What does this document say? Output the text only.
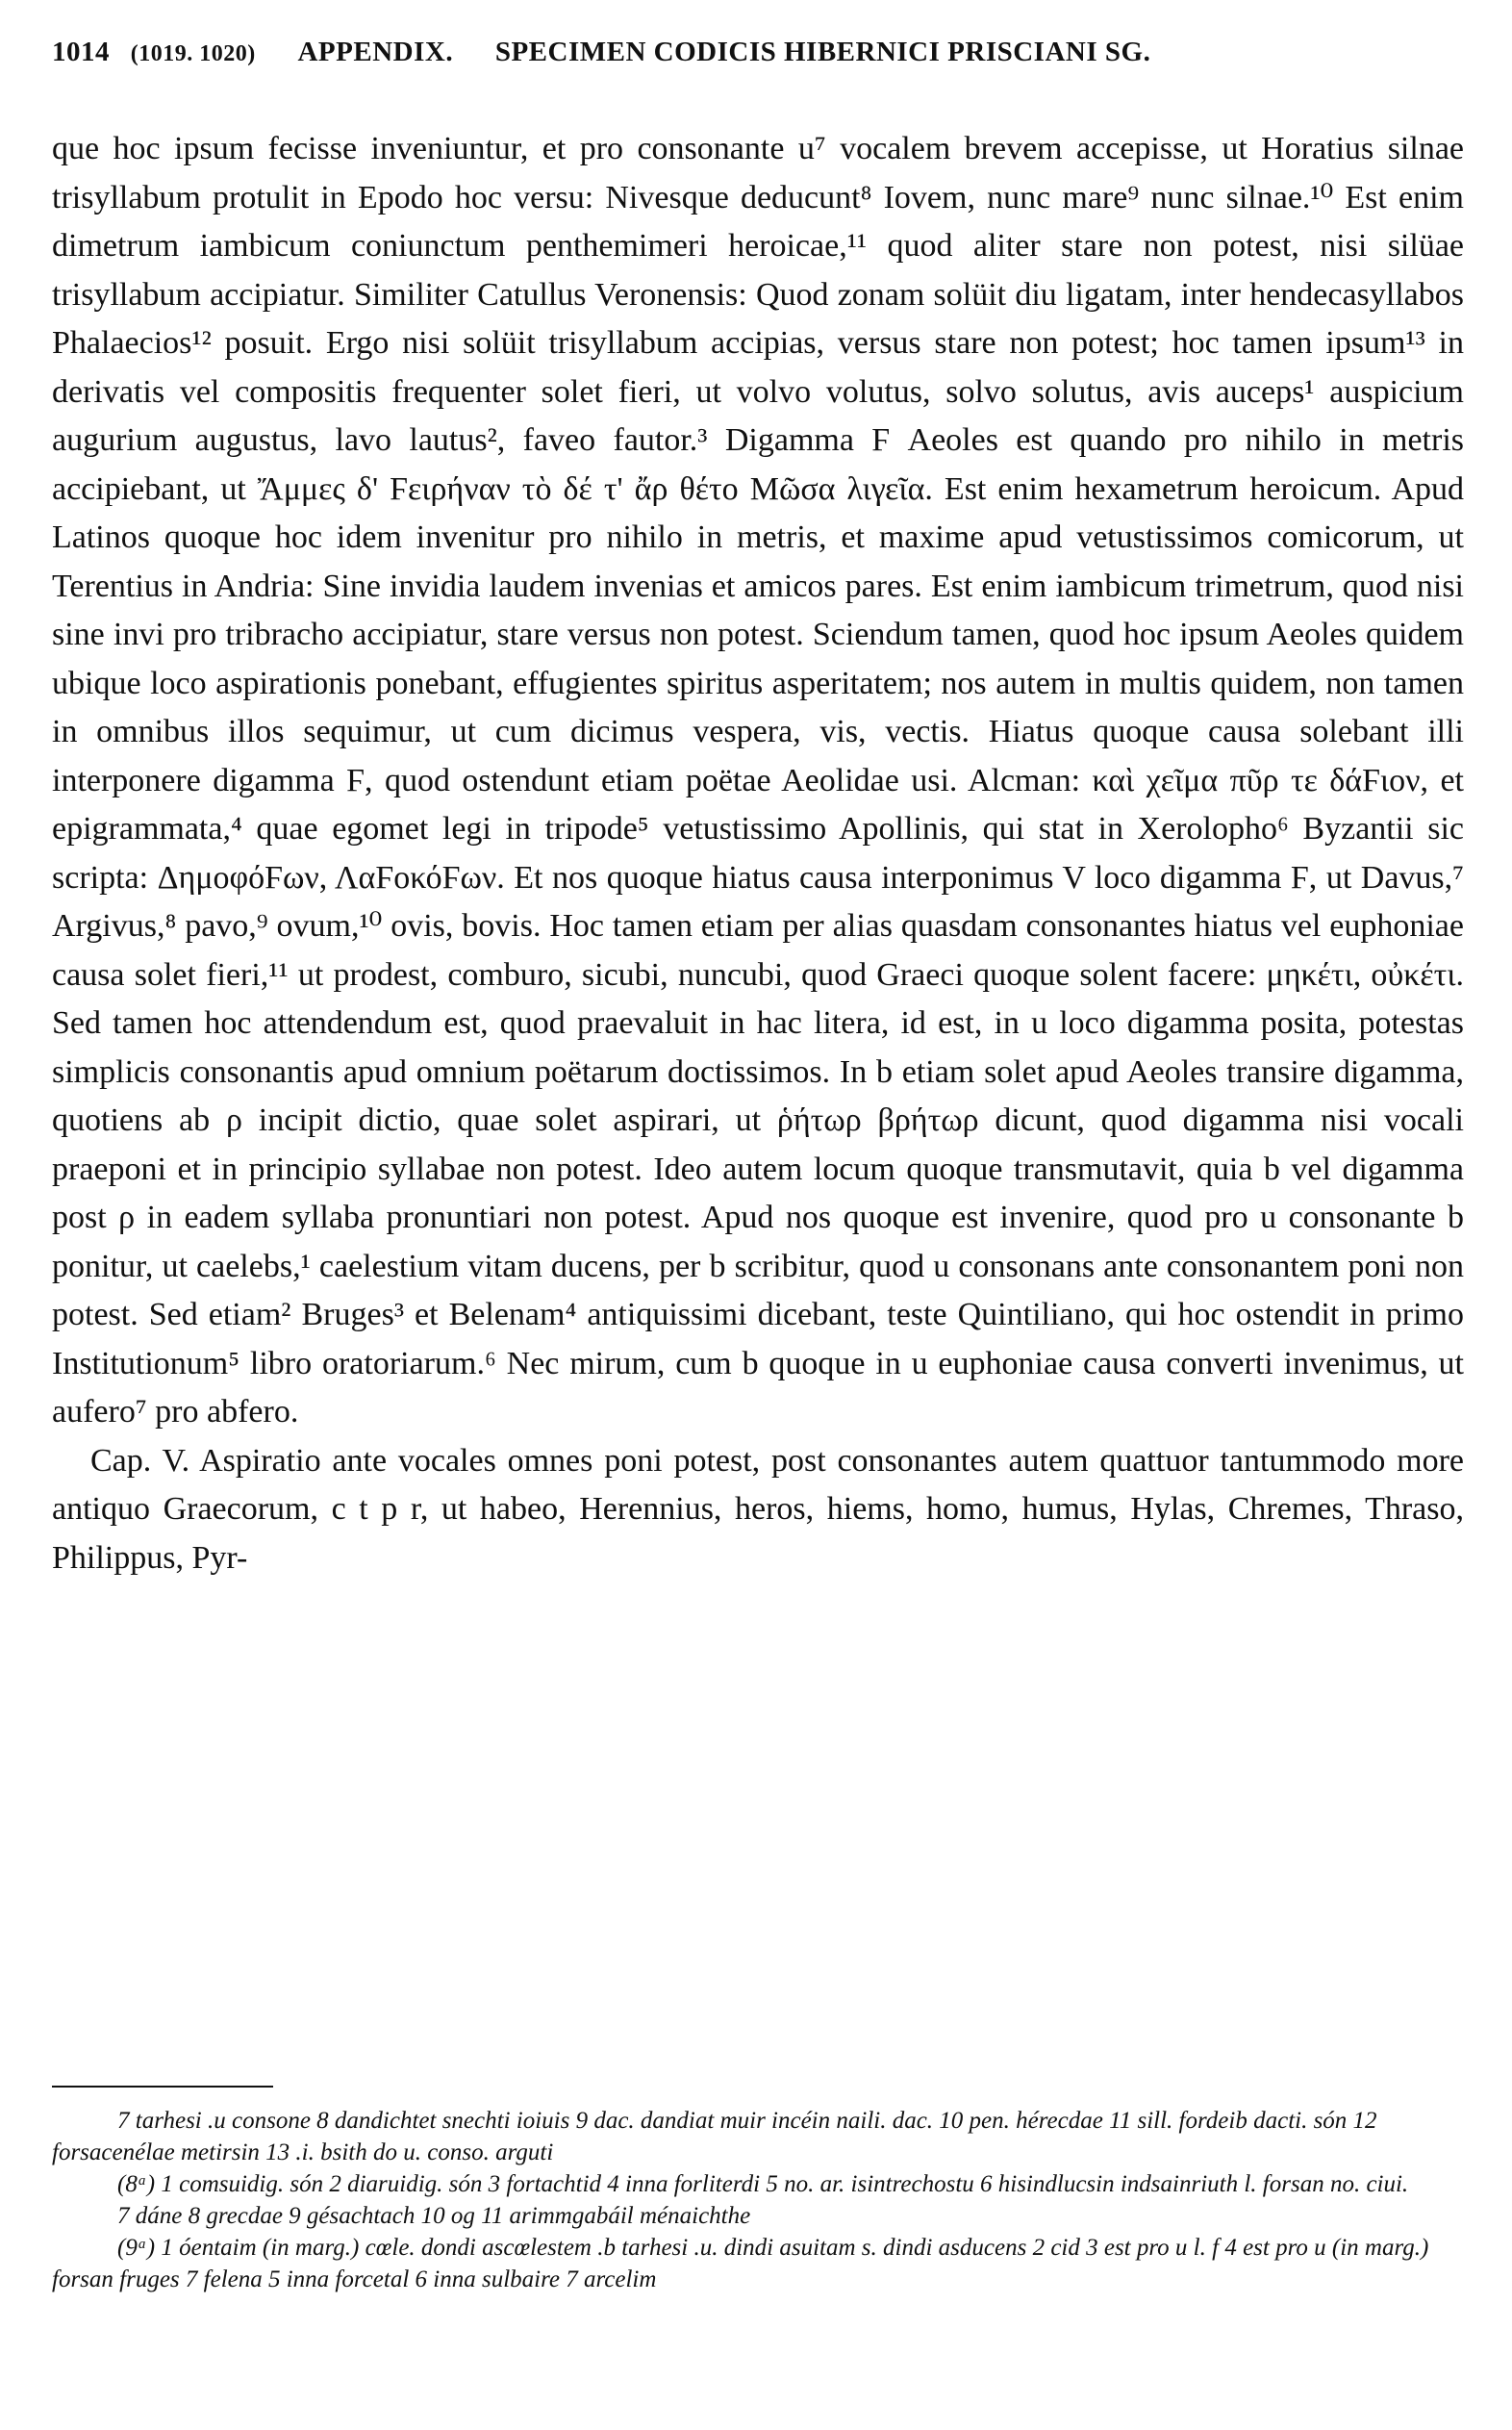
1014 (1019. 1020) APPENDIX. SPECIMEN CODICIS HIBERNICI PRISCIANI SG.

que hoc ipsum fecisse inveniuntur, et pro consonante u⁷ vocalem brevem accepisse, ut Horatius silnae trisyllabum protulit in Epodo hoc versu: Nivesque deducunt⁸ Iovem, nunc mare⁹ nunc silnae.¹⁰ Est enim dimetrum iambicum coniunctum penthemimeri heroicae,¹¹ quod aliter stare non potest, nisi silüae trisyllabum accipiatur. Similiter Catullus Veronensis: Quod zonam solüit diu ligatam, inter hendecasyllabos Phalaecios¹² posuit. Ergo nisi solüit trisyllabum accipias, versus stare non potest; hoc tamen ipsum¹³ in derivatis vel compositis frequenter solet fieri, ut volvo volutus, solvo solutus, avis auceps¹ auspicium augurium augustus, lavo lautus², faveo fautor.³ Digamma Ϝ Aeoles est quando pro nihilo in metris accipiebant, ut Ἄμμες δ' Ϝειρήναν τὸ δέ τ' ἄρ θέτο Μῶσα λιγεῖα. Est enim hexametrum heroicum. Apud Latinos quoque hoc idem invenitur pro nihilo in metris, et maxime apud vetustissimos comicorum, ut Terentius in Andria: Sine invidia laudem invenias et amicos pares. Est enim iambicum trimetrum, quod nisi sine invi pro tribracho accipiatur, stare versus non potest. Sciendum tamen, quod hoc ipsum Aeoles quidem ubique loco aspirationis ponebant, effugientes spiritus asperitatem; nos autem in multis quidem, non tamen in omnibus illos sequimur, ut cum dicimus vespera, vis, vectis. Hiatus quoque causa solebant illi interponere digamma Ϝ, quod ostendunt etiam poëtae Aeolidae usi. Alcman: καὶ χεῖμα πῦρ τε δάϜιον, et epigrammata,⁴ quae egomet legi in tripode⁵ vetustissimo Apollinis, qui stat in Xerolopho⁶ Byzantii sic scripta: ΔημοφόϜων, ΛαϜοκόϜων. Et nos quoque hiatus causa interponimus V loco digamma Ϝ, ut Davus,⁷ Argivus,⁸ pavo,⁹ ovum,¹⁰ ovis, bovis. Hoc tamen etiam per alias quasdam consonantes hiatus vel euphoniae causa solet fieri,¹¹ ut prodest, comburo, sicubi, nuncubi, quod Graeci quoque solent facere: μηκέτι, οὐκέτι. Sed tamen hoc attendendum est, quod praevaluit in hac litera, id est, in u loco digamma posita, potestas simplicis consonantis apud omnium poëtarum doctissimos. In b etiam solet apud Aeoles transire digamma, quotiens ab ρ incipit dictio, quae solet aspirari, ut ῥήτωρ βρήτωρ dicunt, quod digamma nisi vocali praeponi et in principio syllabae non potest. Ideo autem locum quoque transmutavit, quia b vel digamma post ρ in eadem syllaba pronuntiari non potest. Apud nos quoque est invenire, quod pro u consonante b ponitur, ut caelebs,¹ caelestium vitam ducens, per b scribitur, quod u consonans ante consonantem poni non potest. Sed etiam² Bruges³ et Belenam⁴ antiquissimi dicebant, teste Quintiliano, qui hoc ostendit in primo Institutionum⁵ libro oratoriarum.⁶ Nec mirum, cum b quoque in u euphoniae causa converti invenimus, ut aufero⁷ pro abfero.

Cap. V. Aspiratio ante vocales omnes poni potest, post consonantes autem quattuor tantummodo more antiquo Graecorum, c t p r, ut habeo, Herennius, heros, hiems, homo, humus, Hylas, Chremes, Thraso, Philippus, Pyr-

7 tarhesi .u consone 8 dandichtet snechti ioiuis 9 dac. dandiat muir incéin naili. dac. 10 pen. hérecdae 11 sill. fordeib dacti. són 12 forsacenélae metirsin 13 .i. bsith do u. conso. arguti

(8ᵃ) 1 comsuidig. són 2 diaruidig. són 3 fortachtid 4 inna forliterdi 5 no. ar. isintrechostu 6 hisindlucsin indsainriuth l. forsan no. ciui.

7 dáne 8 grecdae 9 gésachtach 10 og 11 arimmgabáil ménaichthe

(9ᵃ) 1 óentaim (in marg.) cœle. dondi ascœlestem .b tarhesi .u. dindi asuitam s. dindi asducens 2 cid 3 est pro u l. f 4 est pro u (in marg.) forsan fruges 7 felena 5 inna forcetal 6 inna sulbaire 7 arcelim
